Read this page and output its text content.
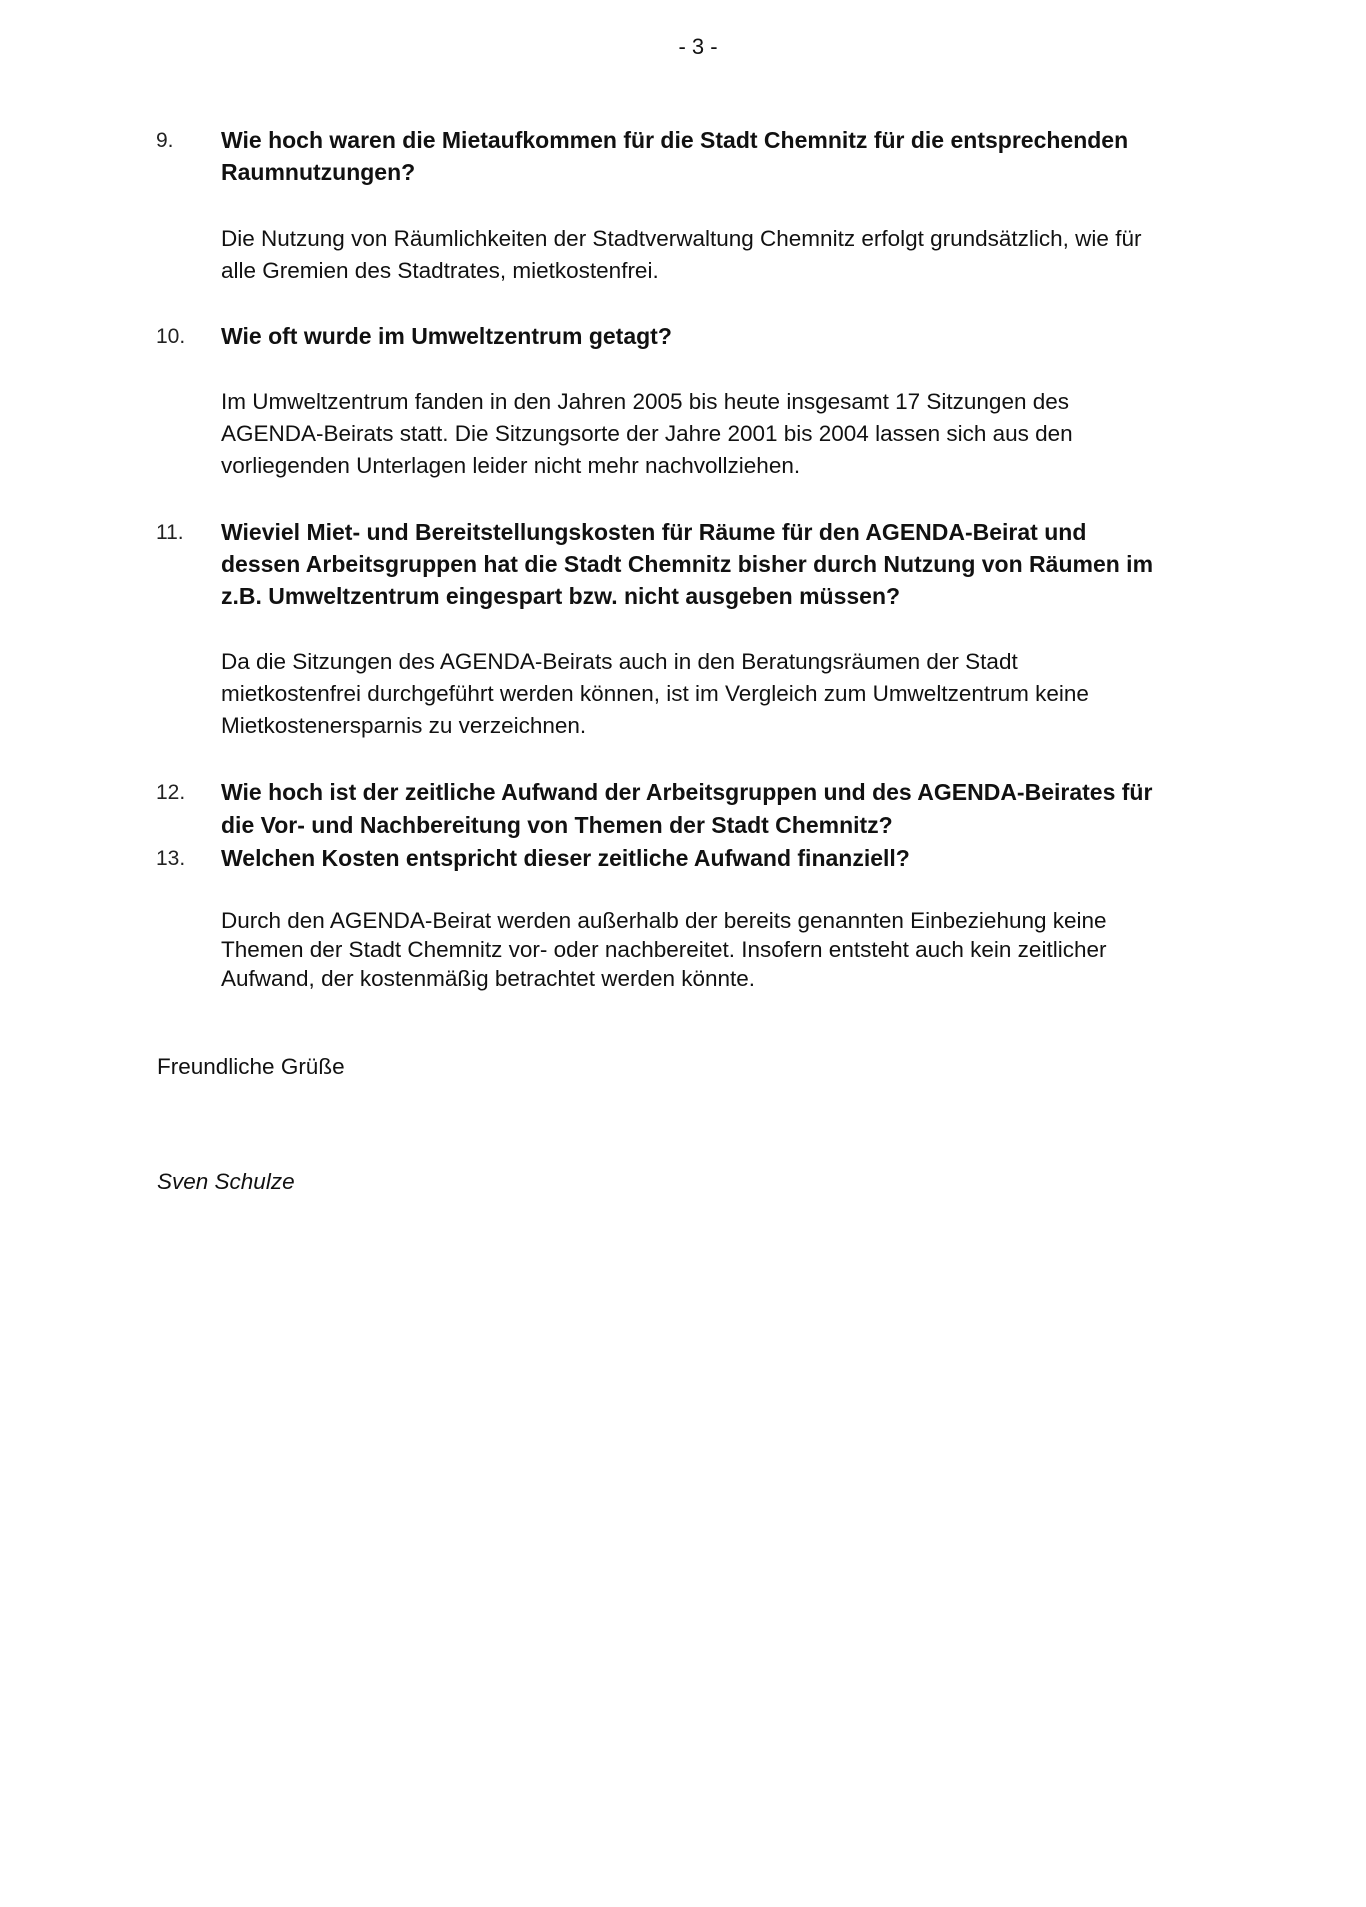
- 3 -
9. Wie hoch waren die Mietaufkommen für die Stadt Chemnitz für die entsprechenden
Raumnutzungen?
Die Nutzung von Räumlichkeiten der Stadtverwaltung Chemnitz erfolgt grundsätzlich, wie für
alle Gremien des Stadtrates, mietkostenfrei.
10. Wie oft wurde im Umweltzentrum getagt?
Im Umweltzentrum fanden in den Jahren 2005 bis heute insgesamt 17 Sitzungen des
AGENDA-Beirats statt. Die Sitzungsorte der Jahre 2001 bis 2004 lassen sich aus den
vorliegenden Unterlagen leider nicht mehr nachvollziehen.
11. Wieviel Miet- und Bereitstellungskosten für Räume für den AGENDA-Beirat und
dessen Arbeitsgruppen hat die Stadt Chemnitz bisher durch Nutzung von Räumen im
z.B. Umweltzentrum eingespart bzw. nicht ausgeben müssen?
Da die Sitzungen des AGENDA-Beirats auch in den Beratungsräumen der Stadt
mietkostenfrei durchgeführt werden können, ist im Vergleich zum Umweltzentrum keine
Mietkostenersparnis zu verzeichnen.
12. Wie hoch ist der zeitliche Aufwand der Arbeitsgruppen und des AGENDA-Beirates für
die Vor- und Nachbereitung von Themen der Stadt Chemnitz?
13. Welchen Kosten entspricht dieser zeitliche Aufwand finanziell?
Durch den AGENDA-Beirat werden außerhalb der bereits genannten Einbeziehung keine
Themen der Stadt Chemnitz vor- oder nachbereitet. Insofern entsteht auch kein zeitlicher
Aufwand, der kostenmäßig betrachtet werden könnte.
Freundliche Grüße
Sven Schulze
